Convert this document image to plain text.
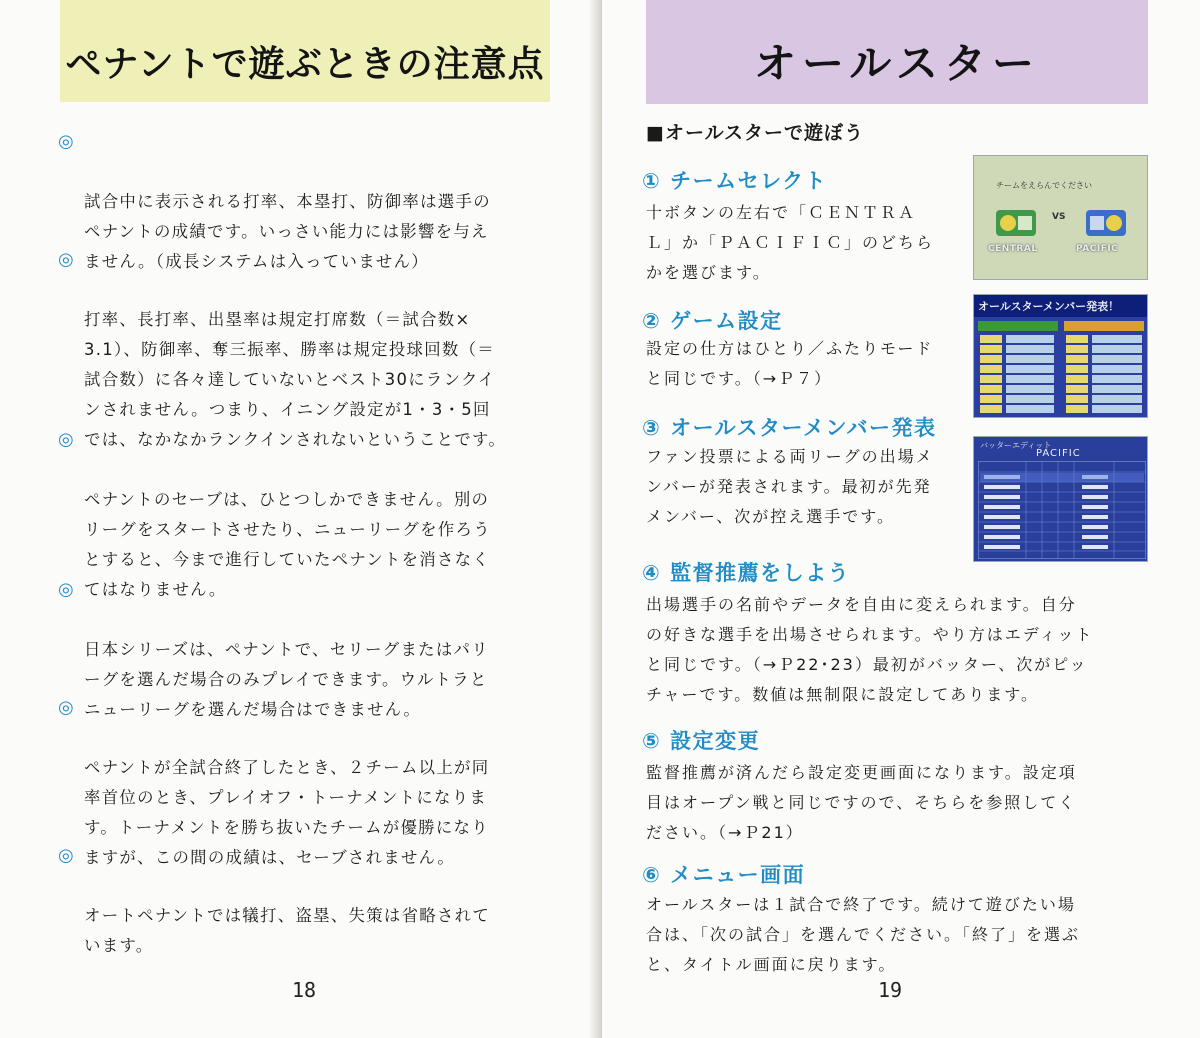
ペナントで遊ぶときの注意点

◎

試合中に表示される打率、本塁打、防御率は選手の
ペナントの成績です。いっさい能力には影響を与え
ません。（成長システムは入っていません）

◎

打率、長打率、出塁率は規定打席数（＝試合数×
3.1）、防御率、奪三振率、勝率は規定投球回数（＝
試合数）に各々達していないとベスト30にランクイ
ンされません。つまり、イニング設定が1・3・5回
では、なかなかランクインされないということです。

◎

ペナントのセーブは、ひとつしかできません。別の
リーグをスタートさせたり、ニューリーグを作ろう
とすると、今まで進行していたペナントを消さなく
てはなりません。

◎

日本シリーズは、ペナントで、セリーグまたはパリ
ーグを選んだ場合のみプレイできます。ウルトラと
ニューリーグを選んだ場合はできません。

◎

ペナントが全試合終了したとき、２チーム以上が同
率首位のとき、プレイオフ・トーナメントになりま
す。トーナメントを勝ち抜いたチームが優勝になり
ますが、この間の成績は、セーブされません。

◎

オートペナントでは犠打、盗塁、失策は省略されて
います。

18
オールスター
■オールスターで遊ぼう
① チームセレクト
十ボタンの左右で「ＣＥＮＴＲＡ
Ｌ」か「ＰＡＣＩＦＩＣ」のどちら
かを選びます。
② ゲーム設定
設定の仕方はひとり／ふたりモード
と同じです。（→Ｐ７）
③ オールスターメンバー発表
ファン投票による両リーグの出場メ
ンバーが発表されます。最初が先発
メンバー、次が控え選手です。
④ 監督推薦をしよう
出場選手の名前やデータを自由に変えられます。自分
の好きな選手を出場させられます。やり方はエディット
と同じです。（→Ｐ22･23）最初がバッター、次がピッ
チャーです。数値は無制限に設定してあります。
⑤ 設定変更
監督推薦が済んだら設定変更画面になります。設定項
目はオープン戦と同じですので、そちらを参照してく
ださい。（→Ｐ21）
⑥ メニュー画面
オールスターは１試合で終了です。続けて遊びたい場
合は、「次の試合」を選んでください。「終了」を選ぶ
と、タイトル画面に戻ります。
チームをえらんでください
VS
CENTRAL	PACIFIC
オールスターメンバー発表！
バッターエディット
PACIFIC
19
